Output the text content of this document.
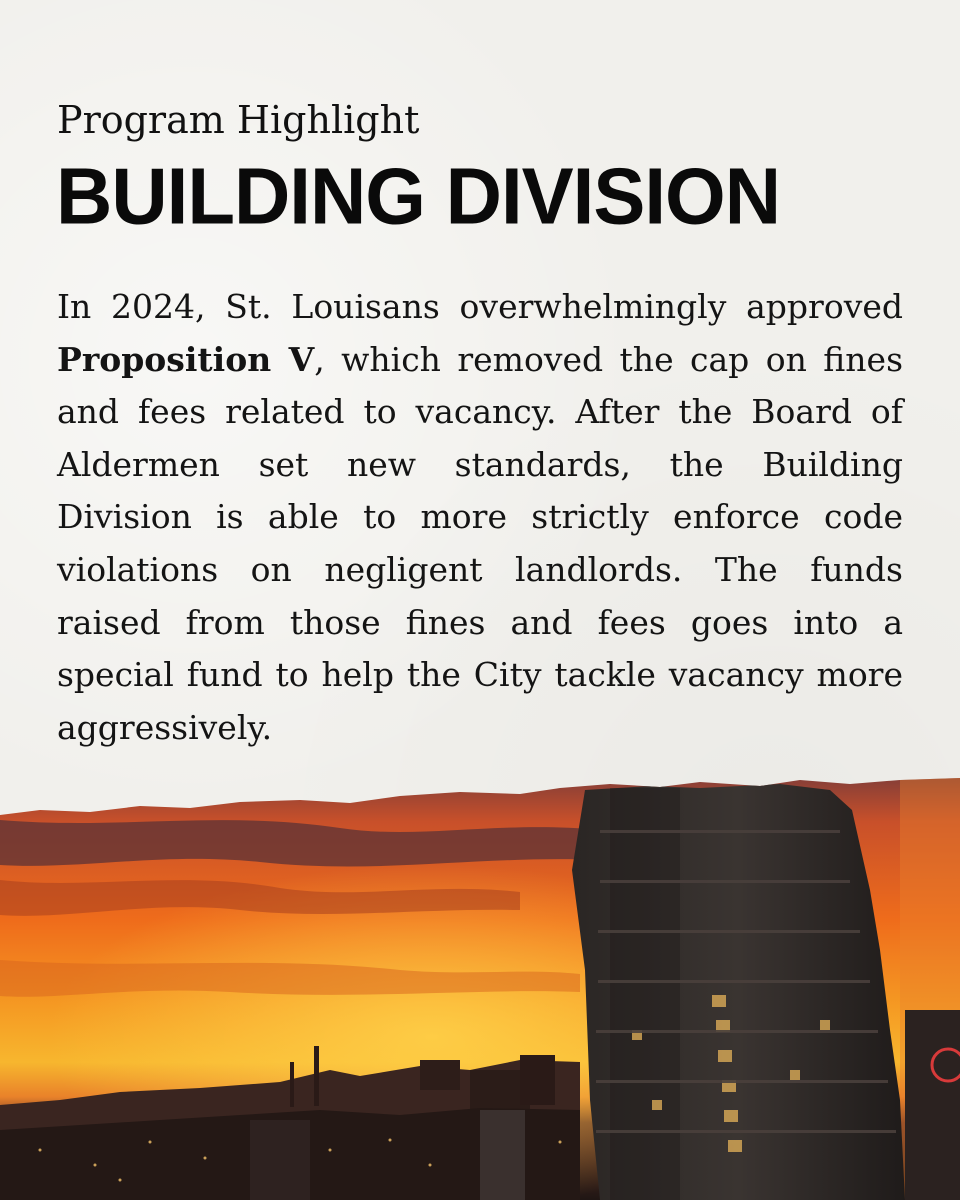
Program Highlight
BUILDING DIVISION

In 2024, St. Louisans overwhelmingly approved Proposition V, which removed the cap on fines and fees related to vacancy. After the Board of Aldermen set new standards, the Building Division is able to more strictly enforce code violations on negligent landlords. The funds raised from those fines and fees goes into a special fund to help the City tackle vacancy more aggressively.
